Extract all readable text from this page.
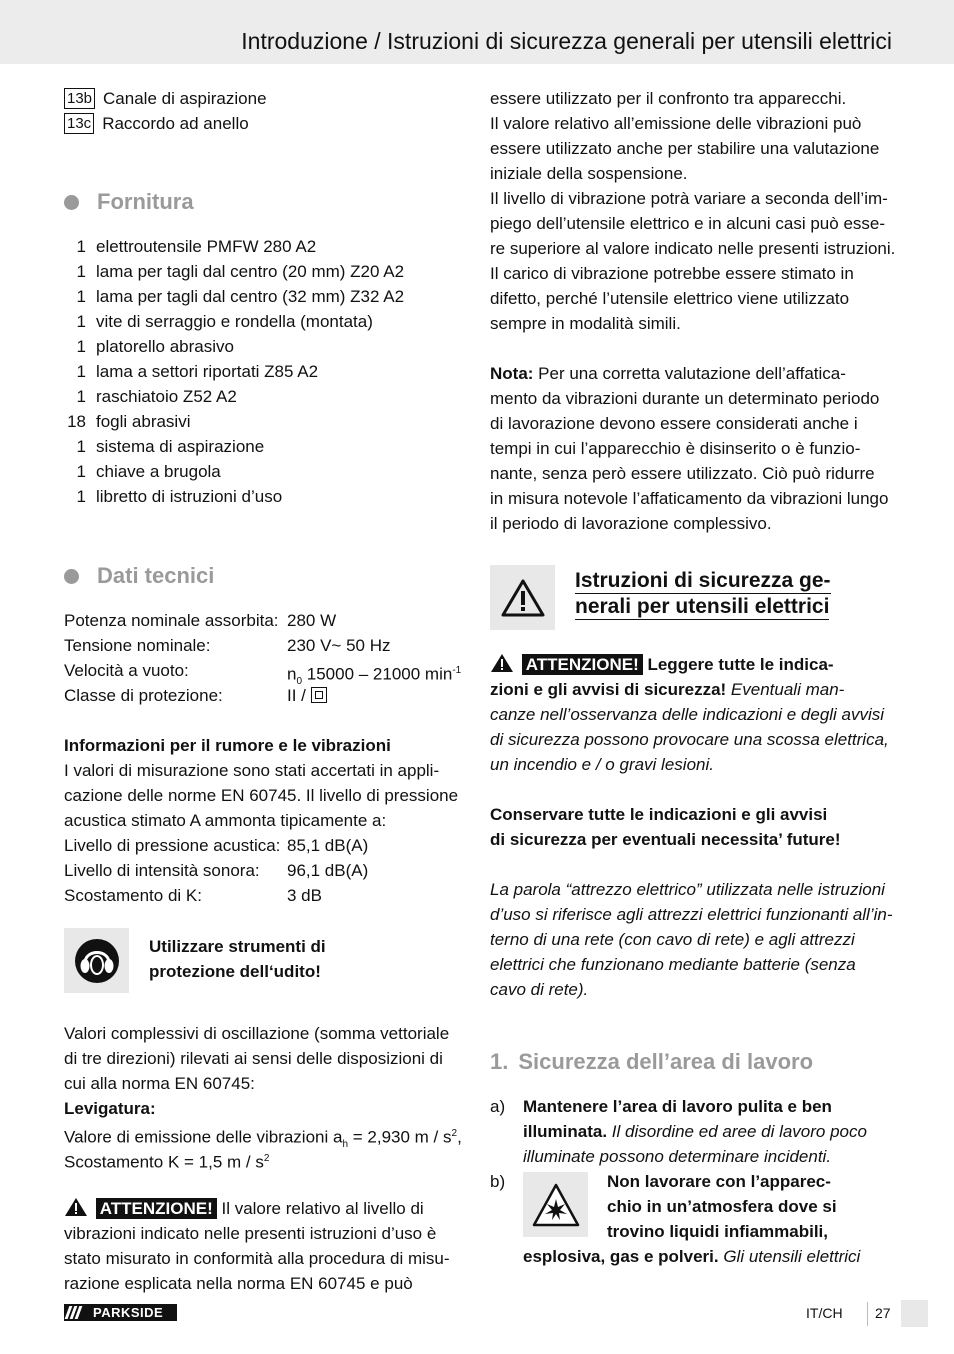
Introduzione / Istruzioni di sicurezza generali per utensili elettrici
13b Canale di aspirazione
13c Raccordo ad anello
Fornitura
1 elettroutensile PMFW 280 A2
1 lama per tagli dal centro (20 mm) Z20 A2
1 lama per tagli dal centro (32 mm) Z32 A2
1 vite di serraggio e rondella (montata)
1 platorello abrasivo
1 lama a settori riportati Z85 A2
1 raschiatoio Z52 A2
18 fogli abrasivi
1 sistema di aspirazione
1 chiave a brugola
1 libretto di istruzioni d’uso
Dati tecnici
Potenza nominale assorbita: 280 W
Tensione nominale:	230 V~ 50 Hz
Velocità a vuoto:	$n_0$ 15000 – 21000 $\min^{-1}$
Classe di protezione:	II /
Informazioni per il rumore e le vibrazioni
I valori di misurazione sono stati accertati in appli-
cazione delle norme EN 60745. Il livello di pressione
acustica stimato A ammonta tipicamente a:
Livello di pressione acustica: 85,1 dB(A)
Livello di intensità sonora:	96,1 dB(A)
Scostamento di K:	3 dB
Utilizzare strumenti di
protezione dell‘udito!
Valori complessivi di oscillazione (somma vettoriale
di tre direzioni) rilevati ai sensi delle disposizioni di
cui alla norma EN 60745:
Levigatura:
Valore di emissione delle vibrazioni $a_h = 2,930$ m / $s^2$,
Scostamento K = 1,5 m / $s^2$
ATTENZIONE! Il valore relativo al livello di
vibrazioni indicato nelle presenti istruzioni d’uso è
stato misurato in conformità alla procedura di misu-
razione esplicata nella norma EN 60745 e può
essere utilizzato per il confronto tra apparecchi.
Il valore relativo all’emissione delle vibrazioni può
essere utilizzato anche per stabilire una valutazione
iniziale della sospensione.
Il livello di vibrazione potrà variare a seconda dell’im-
piego dell’utensile elettrico e in alcuni casi può esse-
re superiore al valore indicato nelle presenti istruzioni.
Il carico di vibrazione potrebbe essere stimato in
difetto, perché l’utensile elettrico viene utilizzato
sempre in modalità simili.
Nota: Per una corretta valutazione dell’affatica-
mento da vibrazioni durante un determinato periodo
di lavorazione devono essere considerati anche i
tempi in cui l’apparecchio è disinserito o è funzio-
nante, senza però essere utilizzato. Ciò può ridurre
in misura notevole l’affaticamento da vibrazioni lungo
il periodo di lavorazione complessivo.
Istruzioni di sicurezza ge-
nerali per utensili elettrici
ATTENZIONE! Leggere tutte le indica-
zioni e gli avvisi di sicurezza! Eventuali man-
canze nell’osservanza delle indicazioni e degli avvisi
di sicurezza possono provocare una scossa elettrica,
un incendio e / o gravi lesioni.
Conservare tutte le indicazioni e gli avvisi
di sicurezza per eventuali necessita’ future!
La parola “attrezzo elettrico” utilizzata nelle istruzioni
d’uso si riferisce agli attrezzi elettrici funzionanti all’in-
terno di una rete (con cavo di rete) e agli attrezzi
elettrici che funzionano mediante batterie (senza
cavo di rete).
1. Sicurezza dell’area di lavoro
a)	Mantenere l’area di lavoro pulita e ben
illuminata. Il disordine ed aree di lavoro poco
illuminate possono determinare incidenti.
b)	Non lavorare con l’apparec-
chio in un’atmosfera dove si
trovino liquidi infiammabili,
esplosiva, gas e polveri. Gli utensili elettrici
PARKSIDE	IT/CH 27
